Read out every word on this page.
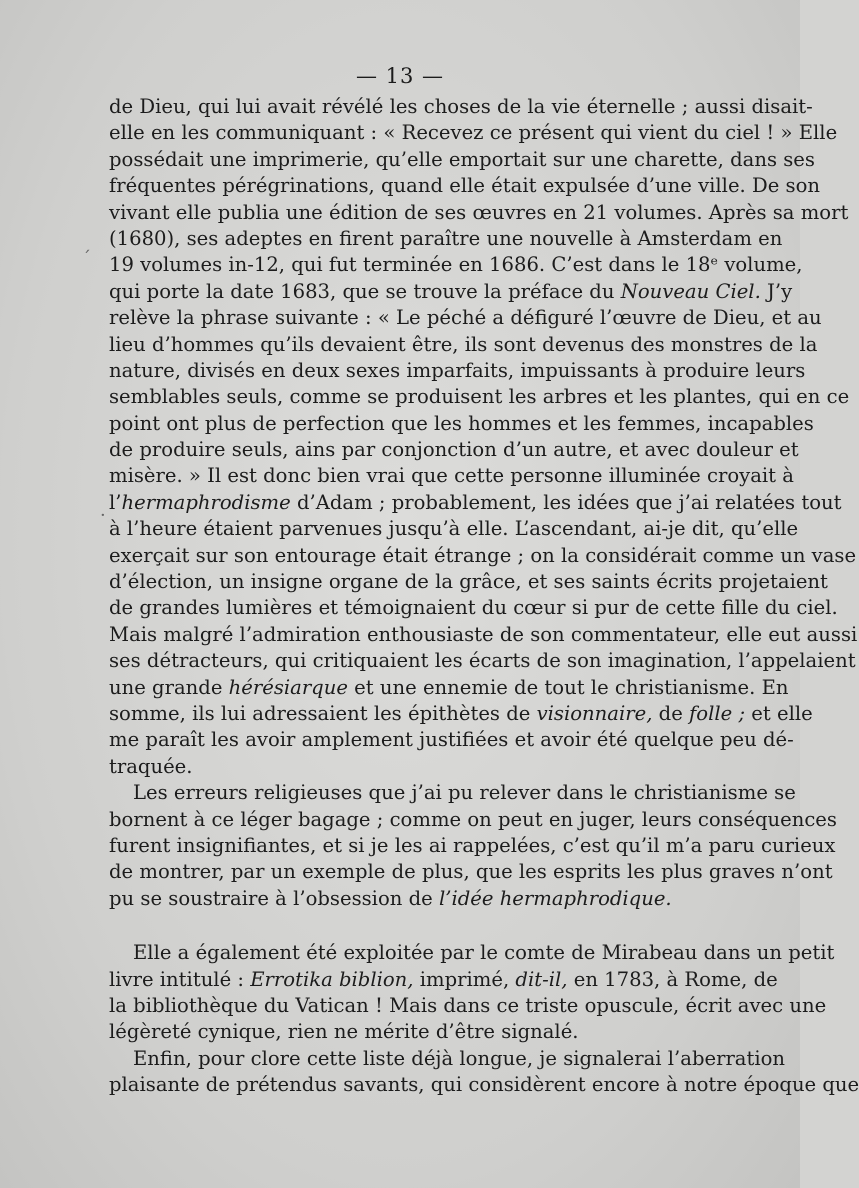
— 13 —
ˊ
·
de Dieu, qui lui avait révélé les choses de la vie éternelle ; aussi disait-
elle en les communiquant : « Recevez ce présent qui vient du ciel ! » Elle
possédait une imprimerie, qu’elle emportait sur une charette, dans ses
fréquentes pérégrinations, quand elle était expulsée d’une ville. De son
vivant elle publia une édition de ses œuvres en 21 volumes. Après sa mort
(1680), ses adeptes en firent paraître une nouvelle à Amsterdam en
19 volumes in-12, qui fut terminée en 1686. C’est dans le 18ᵉ volume,
qui porte la date 1683, que se trouve la préface du Nouveau Ciel. J’y
relève la phrase suivante : « Le péché a défiguré l’œuvre de Dieu, et au
lieu d’hommes qu’ils devaient être, ils sont devenus des monstres de la
nature, divisés en deux sexes imparfaits, impuissants à produire leurs
semblables seuls, comme se produisent les arbres et les plantes, qui en ce
point ont plus de perfection que les hommes et les femmes, incapables
de produire seuls, ains par conjonction d’un autre, et avec douleur et
misère. » Il est donc bien vrai que cette personne illuminée croyait à
l’hermaphrodisme d’Adam ; probablement, les idées que j’ai relatées tout
à l’heure étaient parvenues jusqu’à elle. L’ascendant, ai-je dit, qu’elle
exerçait sur son entourage était étrange ; on la considérait comme un vase
d’élection, un insigne organe de la grâce, et ses saints écrits projetaient
de grandes lumières et témoignaient du cœur si pur de cette fille du ciel.
Mais malgré l’admiration enthousiaste de son commentateur, elle eut aussi
ses détracteurs, qui critiquaient les écarts de son imagination, l’appelaient
une grande hérésiarque et une ennemie de tout le christianisme. En
somme, ils lui adressaient les épithètes de visionnaire, de folle ; et elle
me paraît les avoir amplement justifiées et avoir été quelque peu dé-
traquée.
Les erreurs religieuses que j’ai pu relever dans le christianisme se
bornent à ce léger bagage ; comme on peut en juger, leurs conséquences
furent insignifiantes, et si je les ai rappelées, c’est qu’il m’a paru curieux
de montrer, par un exemple de plus, que les esprits les plus graves n’ont
pu se soustraire à l’obsession de l’idée hermaphrodique.
Elle a également été exploitée par le comte de Mirabeau dans un petit
livre intitulé : Errotika biblion, imprimé, dit-il, en 1783, à Rome, de
la bibliothèque du Vatican ! Mais dans ce triste opuscule, écrit avec une
légèreté cynique, rien ne mérite d’être signalé.
Enfin, pour clore cette liste déjà longue, je signalerai l’aberration
plaisante de prétendus savants, qui considèrent encore à notre époque que
